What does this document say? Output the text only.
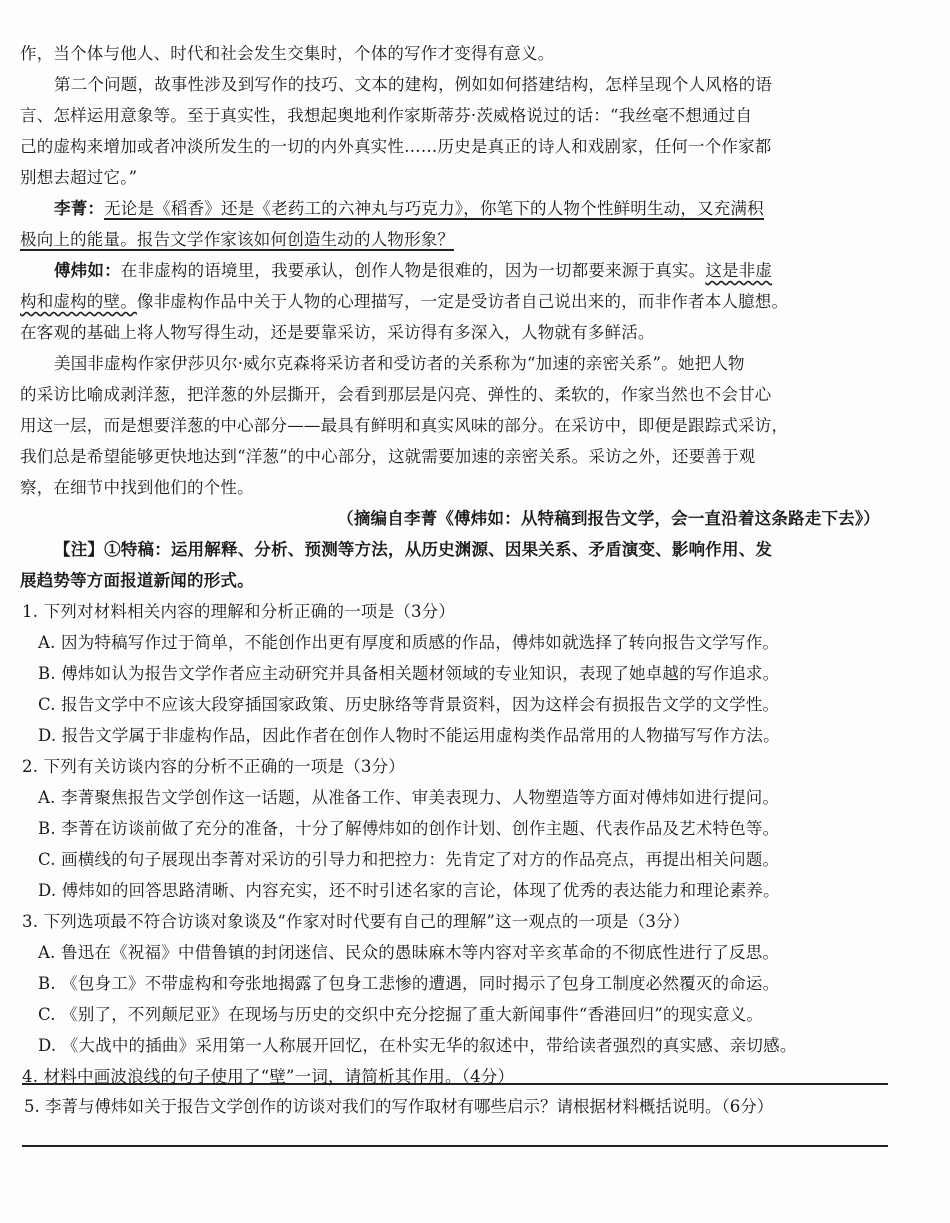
作，当个体与他人、时代和社会发生交集时，个体的写作才变得有意义。
第二个问题，故事性涉及到写作的技巧、文本的建构，例如如何搭建结构，怎样呈现个人风格的语
言、怎样运用意象等。至于真实性，我想起奥地利作家斯蒂芬·茨威格说过的话：“我丝毫不想通过自
己的虚构来增加或者冲淡所发生的一切的内外真实性……历史是真正的诗人和戏剧家，任何一个作家都
别想去超过它。”
李菁：无论是《稻香》还是《老药工的六神丸与巧克力》，你笔下的人物个性鲜明生动，又充满积
极向上的能量。报告文学作家该如何创造生动的人物形象？
傅炜如：在非虚构的语境里，我要承认，创作人物是很难的，因为一切都要来源于真实。这是非虚
构和虚构的壁。像非虚构作品中关于人物的心理描写，一定是受访者自己说出来的，而非作者本人臆想。
在客观的基础上将人物写得生动，还是要靠采访，采访得有多深入，人物就有多鲜活。
美国非虚构作家伊莎贝尔·威尔克森将采访者和受访者的关系称为“加速的亲密关系”。她把人物
的采访比喻成剥洋葱，把洋葱的外层撕开，会看到那层是闪亮、弹性的、柔软的，作家当然也不会甘心
用这一层，而是想要洋葱的中心部分——最具有鲜明和真实风味的部分。在采访中，即便是跟踪式采访，
我们总是希望能够更快地达到“洋葱”的中心部分，这就需要加速的亲密关系。采访之外，还要善于观
察，在细节中找到他们的个性。
（摘编自李菁《傅炜如：从特稿到报告文学，会一直沿着这条路走下去》）
【注】①特稿：运用解释、分析、预测等方法，从历史渊源、因果关系、矛盾演变、影响作用、发
展趋势等方面报道新闻的形式。
1. 下列对材料相关内容的理解和分析正确的一项是（3分）
A. 因为特稿写作过于简单，不能创作出更有厚度和质感的作品，傅炜如就选择了转向报告文学写作。
B. 傅炜如认为报告文学作者应主动研究并具备相关题材领域的专业知识，表现了她卓越的写作追求。
C. 报告文学中不应该大段穿插国家政策、历史脉络等背景资料，因为这样会有损报告文学的文学性。
D. 报告文学属于非虚构作品，因此作者在创作人物时不能运用虚构类作品常用的人物描写写作方法。
2. 下列有关访谈内容的分析不正确的一项是（3分）
A. 李菁聚焦报告文学创作这一话题，从准备工作、审美表现力、人物塑造等方面对傅炜如进行提问。
B. 李菁在访谈前做了充分的准备，十分了解傅炜如的创作计划、创作主题、代表作品及艺术特色等。
C. 画横线的句子展现出李菁对采访的引导力和把控力：先肯定了对方的作品亮点，再提出相关问题。
D. 傅炜如的回答思路清晰、内容充实，还不时引述名家的言论，体现了优秀的表达能力和理论素养。
3. 下列选项最不符合访谈对象谈及“作家对时代要有自己的理解”这一观点的一项是（3分）
A. 鲁迅在《祝福》中借鲁镇的封闭迷信、民众的愚昧麻木等内容对辛亥革命的不彻底性进行了反思。
B. 《包身工》不带虚构和夸张地揭露了包身工悲惨的遭遇，同时揭示了包身工制度必然覆灭的命运。
C. 《别了，不列颠尼亚》在现场与历史的交织中充分挖掘了重大新闻事件“香港回归”的现实意义。
D. 《大战中的插曲》采用第一人称展开回忆，在朴实无华的叙述中，带给读者强烈的真实感、亲切感。
4. 材料中画波浪线的句子使用了“壁”一词，请简析其作用。（4分）
5. 李菁与傅炜如关于报告文学创作的访谈对我们的写作取材有哪些启示？请根据材料概括说明。（6分）
